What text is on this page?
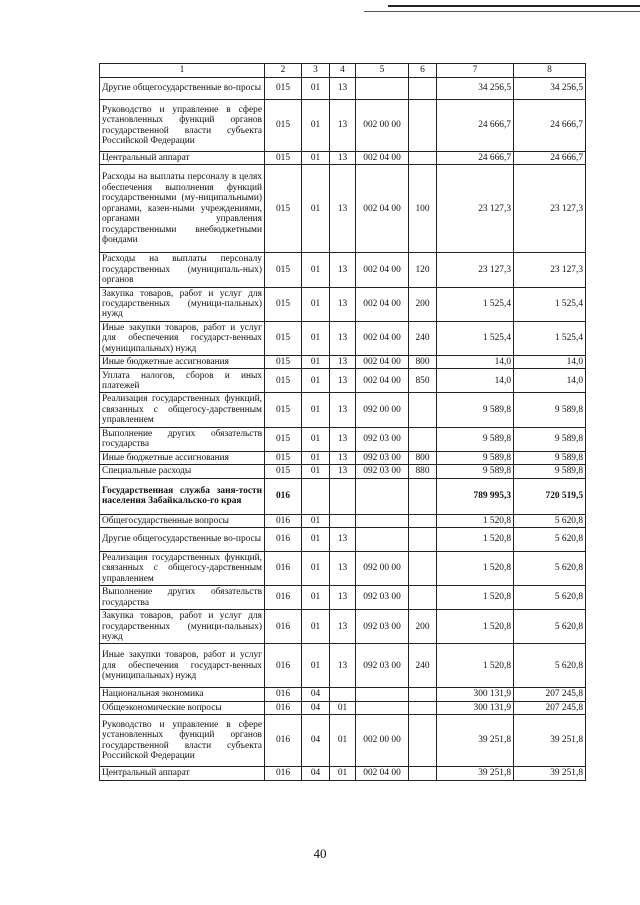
1	2	3	4	5	6	7	8
Другие общегосударственные во-просы	015	01	13			34 256,5	34 256,5
Руководство и управление в сфере установленных функций органов государственной власти субъекта Российской Федерации	015	01	13	002 00 00		24 666,7	24 666,7
Центральный аппарат	015	01	13	002 04 00		24 666,7	24 666,7
Расходы на выплаты персоналу в целях обеспечения выполнения функций государственными (му-ниципальными) органами, казен-ными учреждениями, органами управления государственными внебюджетными фондами	015	01	13	002 04 00	100	23 127,3	23 127,3
Расходы на выплаты персоналу государственных (муниципаль-ных) органов	015	01	13	002 04 00	120	23 127,3	23 127,3
Закупка товаров, работ и услуг для государственных (муници-пальных) нужд	015	01	13	002 04 00	200	1 525,4	1 525,4
Иные закупки товаров, работ и услуг для обеспечения государст-венных (муниципальных) нужд	015	01	13	002 04 00	240	1 525,4	1 525,4
Иные бюджетные ассигнования	015	01	13	002 04 00	800	14,0	14,0
Уплата налогов, сборов и иных платежей	015	01	13	002 04 00	850	14,0	14,0
Реализация государственных функций, связанных с общегосу-дарственным управлением	015	01	13	092 00 00		9 589,8	9 589,8
Выполнение других обязательств государства	015	01	13	092 03 00		9 589,8	9 589,8
Иные бюджетные ассигнования	015	01	13	092 03 00	800	9 589,8	9 589,8
Специальные расходы	015	01	13	092 03 00	880	9 589,8	9 589,8
Государственная служба заня-тости населения Забайкальско-го края	016					789 995,3	720 519,5
Общегосударственные вопросы	016	01				1 520,8	5 620,8
Другие общегосударственные во-просы	016	01	13			1 520,8	5 620,8
Реализация государственных функций, связанных с общегосу-дарственным управлением	016	01	13	092 00 00		1 520,8	5 620,8
Выполнение других обязательств государства	016	01	13	092 03 00		1 520,8	5 620,8
Закупка товаров, работ и услуг для государственных (муници-пальных) нужд	016	01	13	092 03 00	200	1 520,8	5 620,8
Иные закупки товаров, работ и услуг для обеспечения государст-венных (муниципальных) нужд	016	01	13	092 03 00	240	1 520,8	5 620,8
Национальная экономика	016	04				300 131,9	207 245,8
Общеэкономические вопросы	016	04	01			300 131,9	207 245,8
Руководство и управление в сфере установленных функций органов государственной власти субъекта Российской Федерации	016	04	01	002 00 00		39 251,8	39 251,8
Центральный аппарат	016	04	01	002 04 00		39 251,8	39 251,8
40
